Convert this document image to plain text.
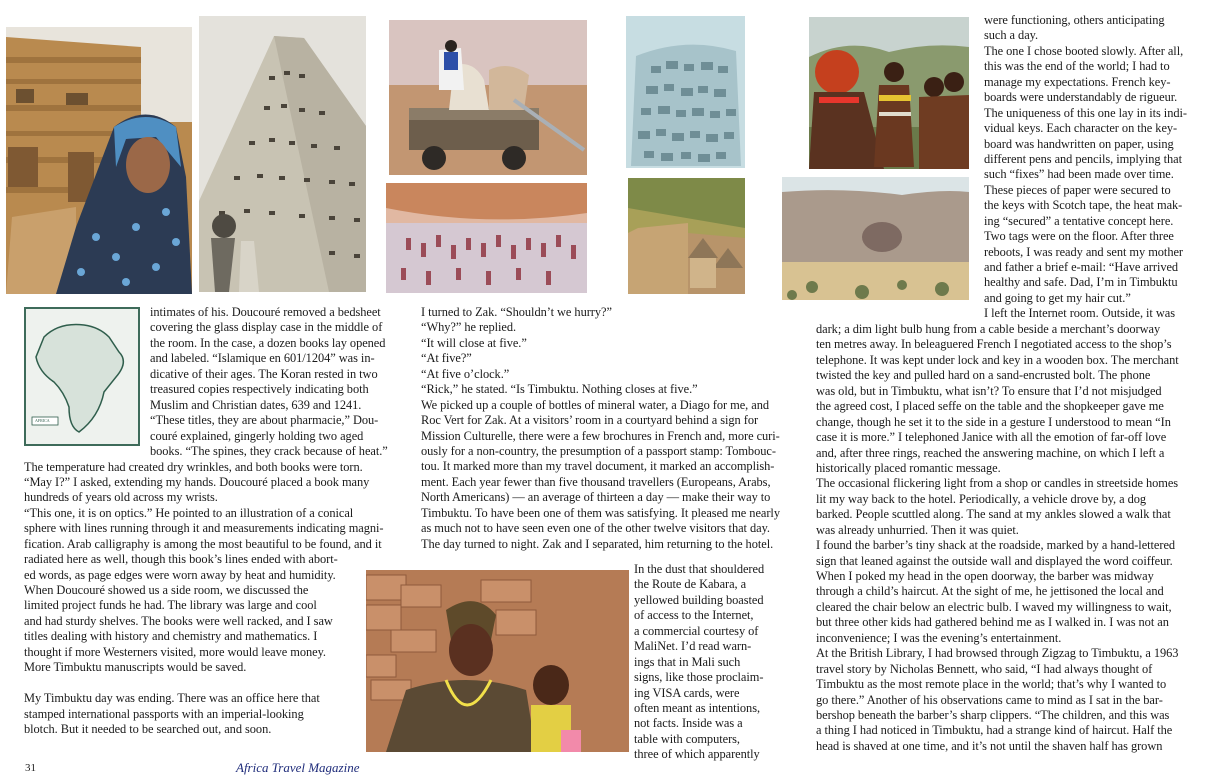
AFRICA
intimates of his. Doucouré removed a bedsheet
covering the glass display case in the middle of
the room. In the case, a dozen books lay opened
and labeled. “Islamique en 601/1204” was in-
dicative of their ages. The Koran rested in two
treasured copies respectively indicating both
Muslim and Christian dates, 639 and 1241.
“These titles, they are about pharmacie,” Dou-
couré explained, gingerly holding two aged
books. “The spines, they crack because of heat.”
The temperature had created dry wrinkles, and both books were torn.
“May I?” I asked, extending my hands. Doucouré placed a book many
hundreds of years old across my wrists.
“This one, it is on optics.” He pointed to an illustration of a conical
sphere with lines running through it and measurements indicating magni-
fication. Arab calligraphy is among the most beautiful to be found, and it
radiated here as well, though this book’s lines ended with abort-
ed words, as page edges were worn away by heat and humidity.
When Doucouré showed us a side room, we discussed the
limited project funds he had. The library was large and cool
and had sturdy shelves. The books were well racked, and I saw
titles dealing with history and chemistry and mathematics. I
thought if more Westerners visited, more would leave money.
More Timbuktu manuscripts would be saved.
My Timbuktu day was ending. There was an office here that
stamped international passports with an imperial-looking
blotch. But it needed to be searched out, and soon.
I turned to Zak. “Shouldn’t we hurry?”
“Why?” he replied.
“It will close at five.”
“At five?”
“At five o’clock.”
“Rick,” he stated. “Is Timbuktu. Nothing closes at five.”
We picked up a couple of bottles of mineral water, a Diago for me, and
Roc Vert for Zak. At a visitors’ room in a courtyard behind a sign for
Mission Culturelle, there were a few brochures in French and, more curi-
ously for a non-country, the presumption of a passport stamp: Tombouc-
tou. It marked more than my travel document, it marked an accomplish-
ment. Each year fewer than five thousand travellers (Europeans, Arabs,
North Americans) — an average of thirteen a day — make their way to
Timbuktu. To have been one of them was satisfying. It pleased me nearly
as much not to have seen even one of the other twelve visitors that day.
The day turned to night. Zak and I separated, him returning to the hotel.
In the dust that shouldered
the Route de Kabara, a
yellowed building boasted
of access to the Internet,
a commercial courtesy of
MaliNet. I’d read warn-
ings that in Mali such
signs, like those proclaim-
ing VISA cards, were
often meant as intentions,
not facts. Inside was a
table with computers,
three of which apparently
were functioning, others anticipating
such a day.
The one I chose booted slowly. After all,
this was the end of the world; I had to
manage my expectations. French key-
boards were understandably de rigueur.
The uniqueness of this one lay in its indi-
vidual keys. Each character on the key-
board was handwritten on paper, using
different pens and pencils, implying that
such “fixes” had been made over time.
These pieces of paper were secured to
the keys with Scotch tape, the heat mak-
ing “secured” a tentative concept here.
Two tags were on the floor. After three
reboots, I was ready and sent my mother
and father a brief e-mail: “Have arrived
healthy and safe. Dad, I’m in Timbuktu
and going to get my hair cut.”
I left the Internet room. Outside, it was
dark; a dim light bulb hung from a cable beside a merchant’s doorway
ten metres away. In beleaguered French I negotiated access to the shop’s
telephone. It was kept under lock and key in a wooden box. The merchant
twisted the key and pulled hard on a sand-encrusted bolt. The phone
was old, but in Timbuktu, what isn’t? To ensure that I’d not misjudged
the agreed cost, I placed seffe on the table and the shopkeeper gave me
change, though he set it to the side in a gesture I understood to mean “In
case it is more.” I telephoned Janice with all the emotion of far-off love
and, after three rings, reached the answering machine, on which I left a
historically placed romantic message.
The occasional flickering light from a shop or candles in streetside homes
lit my way back to the hotel. Periodically, a vehicle drove by, a dog
barked. People scuttled along. The sand at my ankles slowed a walk that
was already unhurried. Then it was quiet.
I found the barber’s tiny shack at the roadside, marked by a hand-lettered
sign that leaned against the outside wall and displayed the word coiffeur.
When I poked my head in the open doorway, the barber was midway
through a child’s haircut. At the sight of me, he jettisoned the local and
cleared the chair below an electric bulb. I waved my willingness to wait,
but three other kids had gathered behind me as I walked in. I was not an
inconvenience; I was the evening’s entertainment.
At the British Library, I had browsed through Zigzag to Timbuktu, a 1963
travel story by Nicholas Bennett, who said, “I had always thought of
Timbuktu as the most remote place in the world; that’s why I wanted to
go there.” Another of his observations came to mind as I sat in the bar-
bershop beneath the barber’s sharp clippers. “The children, and this was
a thing I had noticed in Timbuktu, had a strange kind of haircut. Half the
head is shaved at one time, and it’s not until the shaven half has grown
31	Africa Travel Magazine
